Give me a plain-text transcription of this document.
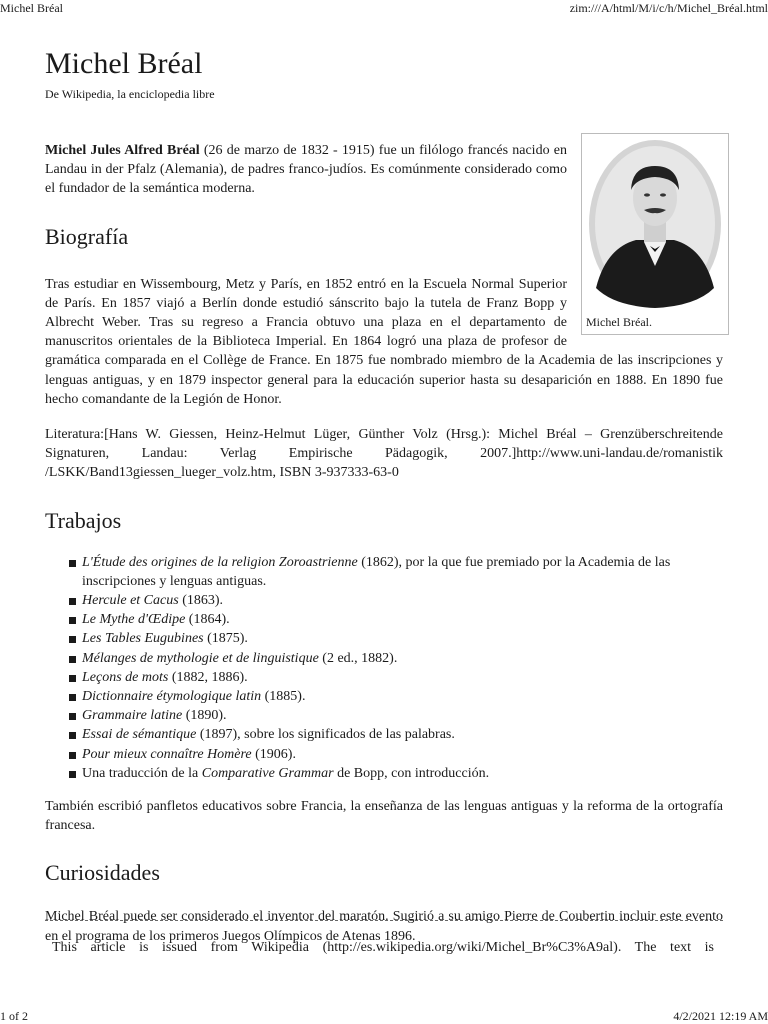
Michel Bréal	zim:///A/html/M/i/c/h/Michel_Bréal.html
Michel Bréal
De Wikipedia, la enciclopedia libre
Michel Bréal.

Michel Jules Alfred Bréal (26 de marzo de 1832 - 1915) fue un filólogo francés nacido en Landau in der Pfalz (Alemania), de padres franco-judíos. Es comúnmente considerado como el fundador de la semántica moderna.

Biografía

Tras estudiar en Wissembourg, Metz y París, en 1852 entró en la Escuela Normal Superior de París. En 1857 viajó a Berlín donde estudió sánscrito bajo la tutela de Franz Bopp y Albrecht Weber. Tras su regreso a Francia obtuvo una plaza en el departamento de manuscritos orientales de la Biblioteca Imperial. En 1864 logró una plaza de profesor de gramática comparada en el Collège de France. En 1875 fue nombrado miembro de la Academia de las inscripciones y lenguas antiguas, y en 1879 inspector general para la educación superior hasta su desaparición en 1888. En 1890 fue hecho comandante de la Legión de Honor.

Literatura:[Hans W. Giessen, Heinz-Helmut Lüger, Günther Volz (Hrsg.): Michel Bréal – Grenzüberschreitende Signaturen, Landau: Verlag Empirische Pädagogik, 2007.]http://www.uni-landau.de/romanistik /LSKK/Band13giessen_lueger_volz.htm, ISBN 3-937333-63-0

Trabajos
L'Étude des origines de la religion Zoroastrienne (1862), por la que fue premiado por la Academia de las inscripciones y lenguas antiguas.
Hercule et Cacus (1863).
Le Mythe d'Œdipe (1864).
Les Tables Eugubines (1875).
Mélanges de mythologie et de linguistique (2 ed., 1882).
Leçons de mots (1882, 1886).
Dictionnaire étymologique latin (1885).
Grammaire latine (1890).
Essai de sémantique (1897), sobre los significados de las palabras.
Pour mieux connaître Homère (1906).
Una traducción de la Comparative Grammar de Bopp, con introducción.

También escribió panfletos educativos sobre Francia, la enseñanza de las lenguas antiguas y la reforma de la ortografía francesa.

Curiosidades

Michel Bréal puede ser considerado el inventor del maratón. Sugirió a su amigo Pierre de Coubertin incluir este evento en el programa de los primeros Juegos Olímpicos de Atenas 1896.

This article is issued from Wikipedia (http://es.wikipedia.org/wiki/Michel_Br%C3%A9al). The text is
1 of 2	4/2/2021 12:19 AM
